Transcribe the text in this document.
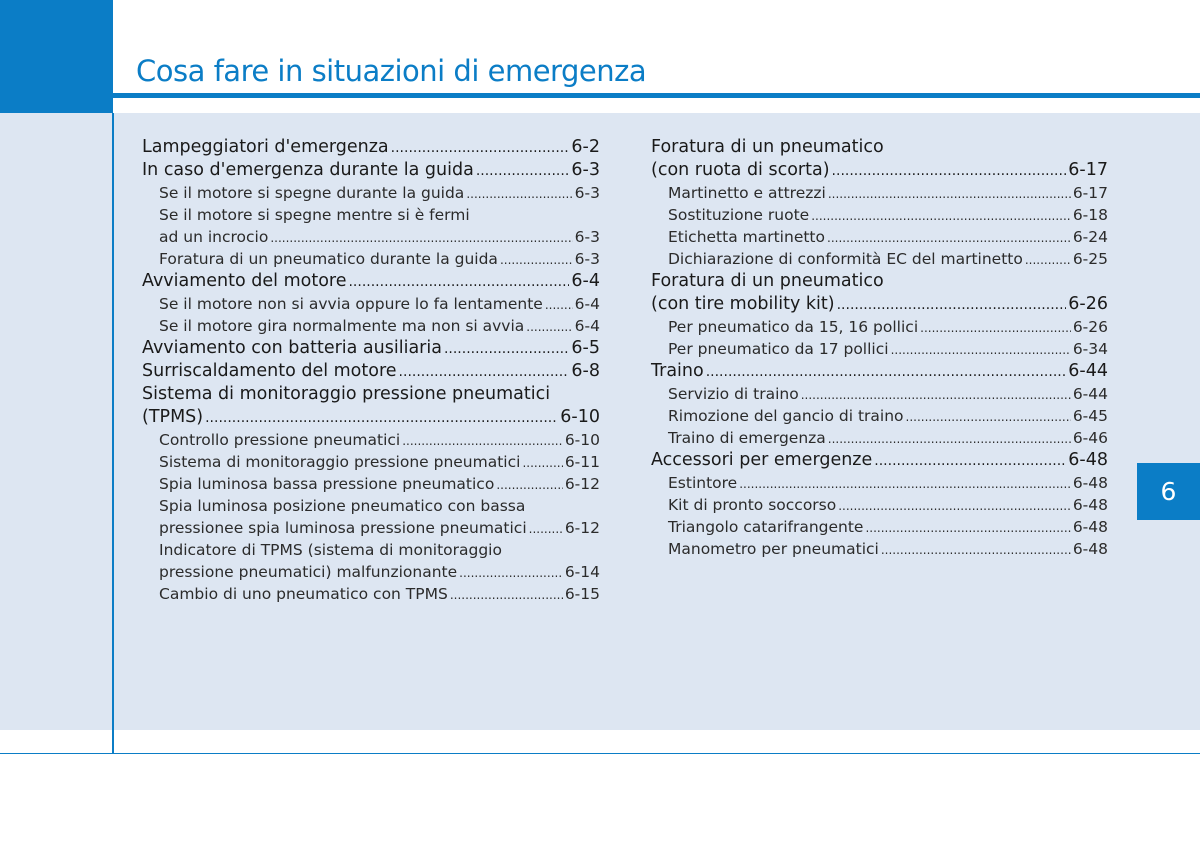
Cosa fare in situazioni di emergenza
6
Lampeggiatori d'emergenza .....	6-2
In caso d'emergenza durante la guida .....	6-3
Se il motore si spegne durante la guida .....	6-3
Se il motore si spegne mentre si è fermi
ad un incrocio .....	6-3
Foratura di un pneumatico durante la guida .....	6-3
Avviamento del motore .....	6-4
Se il motore non si avvia oppure lo fa lentamente ..... 6-4
Se il motore gira normalmente ma non si avvia .....	6-4
Avviamento con batteria ausiliaria .....	6-5
Surriscaldamento del motore .....	6-8
Sistema di monitoraggio pressione pneumatici
(TPMS) .....	6-10
Controllo pressione pneumatici .....	6-10
Sistema di monitoraggio pressione pneumatici .....	6-11
Spia luminosa bassa pressione pneumatico .....	6-12
Spia luminosa posizione pneumatico con bassa
pressionee spia luminosa pressione pneumatici ..... 6-12
Indicatore di TPMS (sistema di monitoraggio
pressione pneumatici) malfunzionante .....	6-14
Cambio di uno pneumatico con TPMS .....	6-15
Foratura di un pneumatico
(con ruota di scorta) .....	6-17
Martinetto e attrezzi .....	6-17
Sostituzione ruote .....	6-18
Etichetta martinetto .....	6-24
Dichiarazione di conformità EC del martinetto .....	6-25
Foratura di un pneumatico
(con tire mobility kit) .....	6-26
Per pneumatico da 15, 16 pollici .....	6-26
Per pneumatico da 17 pollici .....	6-34
Traino .....	6-44
Servizio di traino .....	6-44
Rimozione del gancio di traino .....	6-45
Traino di emergenza .....	6-46
Accessori per emergenze .....	6-48
Estintore .....	6-48
Kit di pronto soccorso .....	6-48
Triangolo catarifrangente .....	6-48
Manometro per pneumatici .....	6-48
